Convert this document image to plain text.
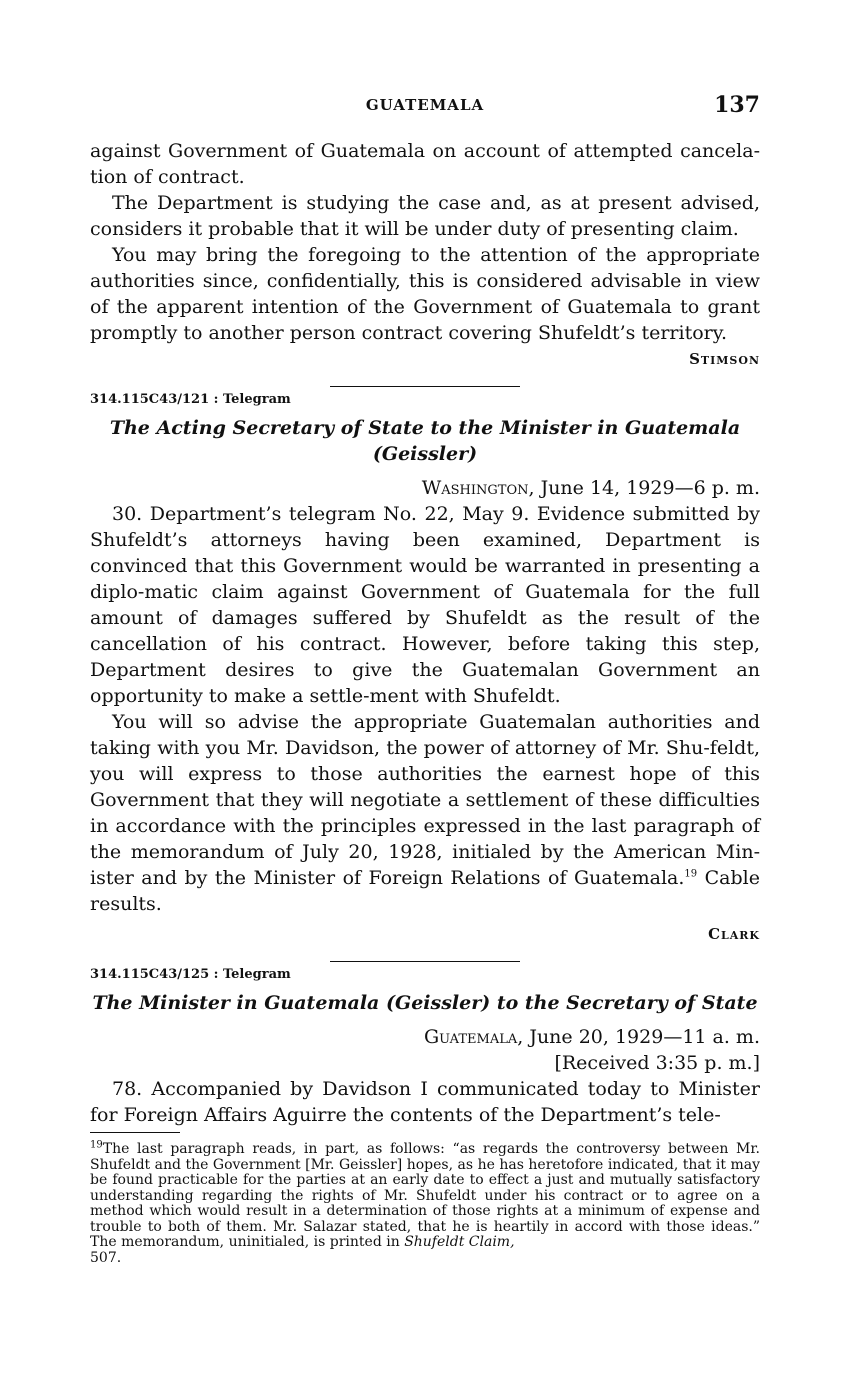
GUATEMALA	137

against Government of Guatemala on account of attempted cancela-tion of contract.

The Department is studying the case and, as at present advised, considers it probable that it will be under duty of presenting claim.

You may bring the foregoing to the attention of the appropriate authorities since, confidentially, this is considered advisable in view of the apparent intention of the Government of Guatemala to grant promptly to another person contract covering Shufeldt’s territory.

Stimson

314.115C43/121 : Telegram

The Acting Secretary of State to the Minister in Guatemala (Geissler)

Washington, June 14, 1929—6 p. m.

30. Department’s telegram No. 22, May 9. Evidence submitted by Shufeldt’s attorneys having been examined, Department is convinced that this Government would be warranted in presenting a diplo-matic claim against Government of Guatemala for the full amount of damages suffered by Shufeldt as the result of the cancellation of his contract. However, before taking this step, Department desires to give the Guatemalan Government an opportunity to make a settle-ment with Shufeldt.

You will so advise the appropriate Guatemalan authorities and taking with you Mr. Davidson, the power of attorney of Mr. Shu-feldt, you will express to those authorities the earnest hope of this Government that they will negotiate a settlement of these difficulties in accordance with the principles expressed in the last paragraph of the memorandum of July 20, 1928, initialed by the American Min-ister and by the Minister of Foreign Relations of Guatemala.$^{19}$ Cable results.

Clark

314.115C43/125 : Telegram

The Minister in Guatemala (Geissler) to the Secretary of State

Guatemala, June 20, 1929—11 a. m.

[Received 3:35 p. m.]

78. Accompanied by Davidson I communicated today to Minister for Foreign Affairs Aguirre the contents of the Department’s tele-

$^{19}$The last paragraph reads, in part, as follows: “as regards the controversy between Mr. Shufeldt and the Government [Mr. Geissler] hopes, as he has heretofore indicated, that it may be found practicable for the parties at an early date to effect a just and mutually satisfactory understanding regarding the rights of Mr. Shufeldt under his contract or to agree on a method which would result in a determination of those rights at a minimum of expense and trouble to both of them. Mr. Salazar stated, that he is heartily in accord with those ideas.” The memorandum, uninitialed, is printed in Shufeldt Claim,
507.
